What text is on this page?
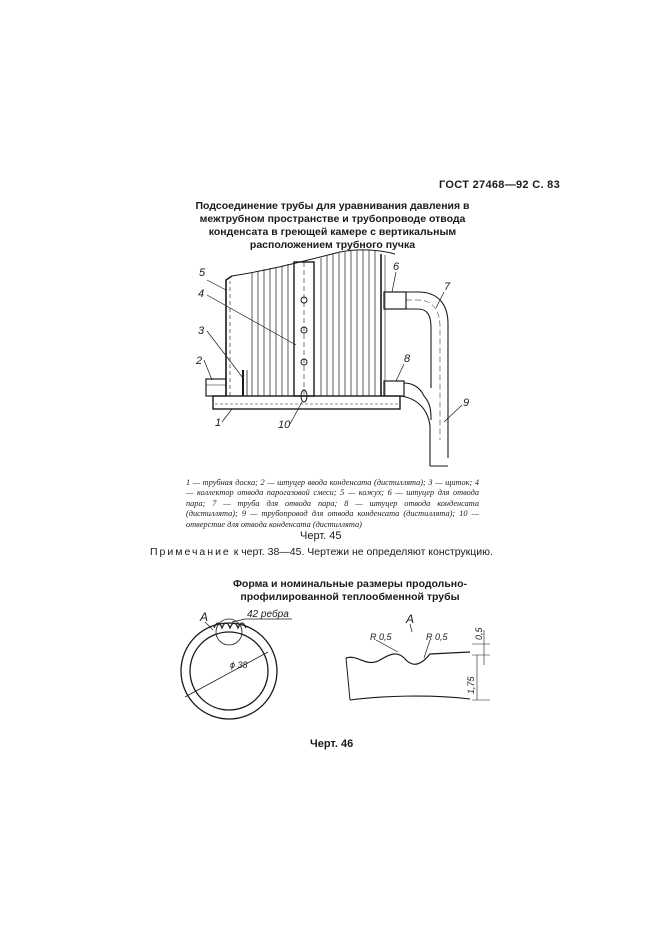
ГОСТ 27468—92 С. 83
Подсоединение трубы для уравнивания давления в межтрубном пространстве и трубопроводе отвода конденсата в греющей камере с вертикальным расположением трубного пучка
1
2
3
4
5	6
7
8
9
10
А	42 ребра
ϕ 38
А
R 0,5	R 0,5	0,5
1,75
1 — трубная доска; 2 — штуцер ввода конденсата (дистиллята); 3 — щиток; 4 — коллектор отвода парогазовой смеси; 5 — кожух; 6 — штуцер для отвода пара; 7 — труба для отвода пара; 8 — штуцер отвода конденсата (дистиллята); 9 — трубопровод для отвода конденсата (дистиллята); 10 — отверстие для отвода конденсата (дистиллята)
Черт. 45
Примечание к черт. 38—45. Чертежи не определяют конструкцию.
Форма и номинальные размеры продольно-профилированной теплообменной трубы
Черт. 46
